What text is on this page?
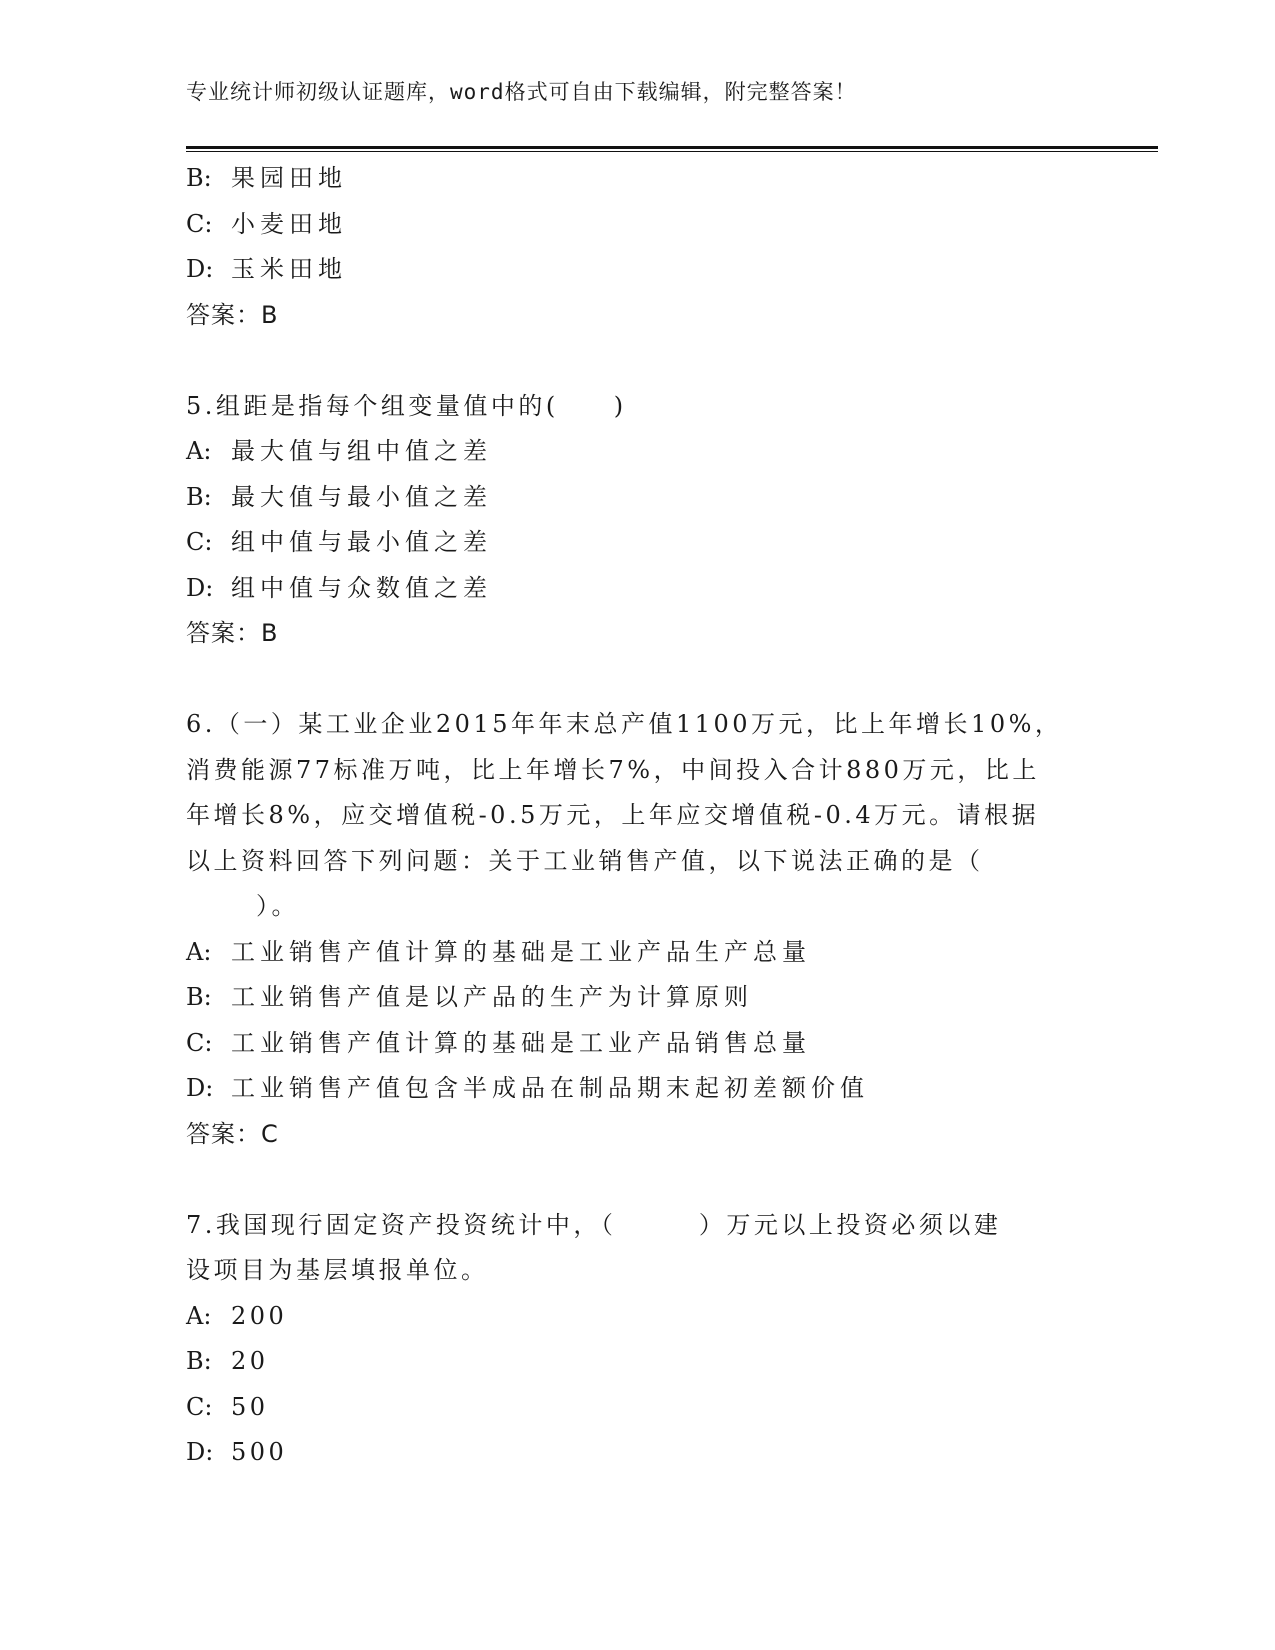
专业统计师初级认证题库，word格式可自由下载编辑，附完整答案！
B: 果园田地
C: 小麦田地
D: 玉米田地
答案：B
5.组距是指每个组变量值中的(　　)
A: 最大值与组中值之差
B: 最大值与最小值之差
C: 组中值与最小值之差
D: 组中值与众数值之差
答案：B
6.（一）某工业企业2015年年末总产值1100万元，比上年增长10%，
消费能源77标准万吨，比上年增长7%，中间投入合计880万元，比上
年增长8%，应交增值税-0.5万元，上年应交增值税-0.4万元。请根据
以上资料回答下列问题：关于工业销售产值，以下说法正确的是（
）。
A: 工业销售产值计算的基础是工业产品生产总量
B: 工业销售产值是以产品的生产为计算原则
C: 工业销售产值计算的基础是工业产品销售总量
D: 工业销售产值包含半成品在制品期末起初差额价值
答案：C
7.我国现行固定资产投资统计中，（　　　）万元以上投资必须以建
设项目为基层填报单位。
A: 200
B: 20
C: 50
D: 500
